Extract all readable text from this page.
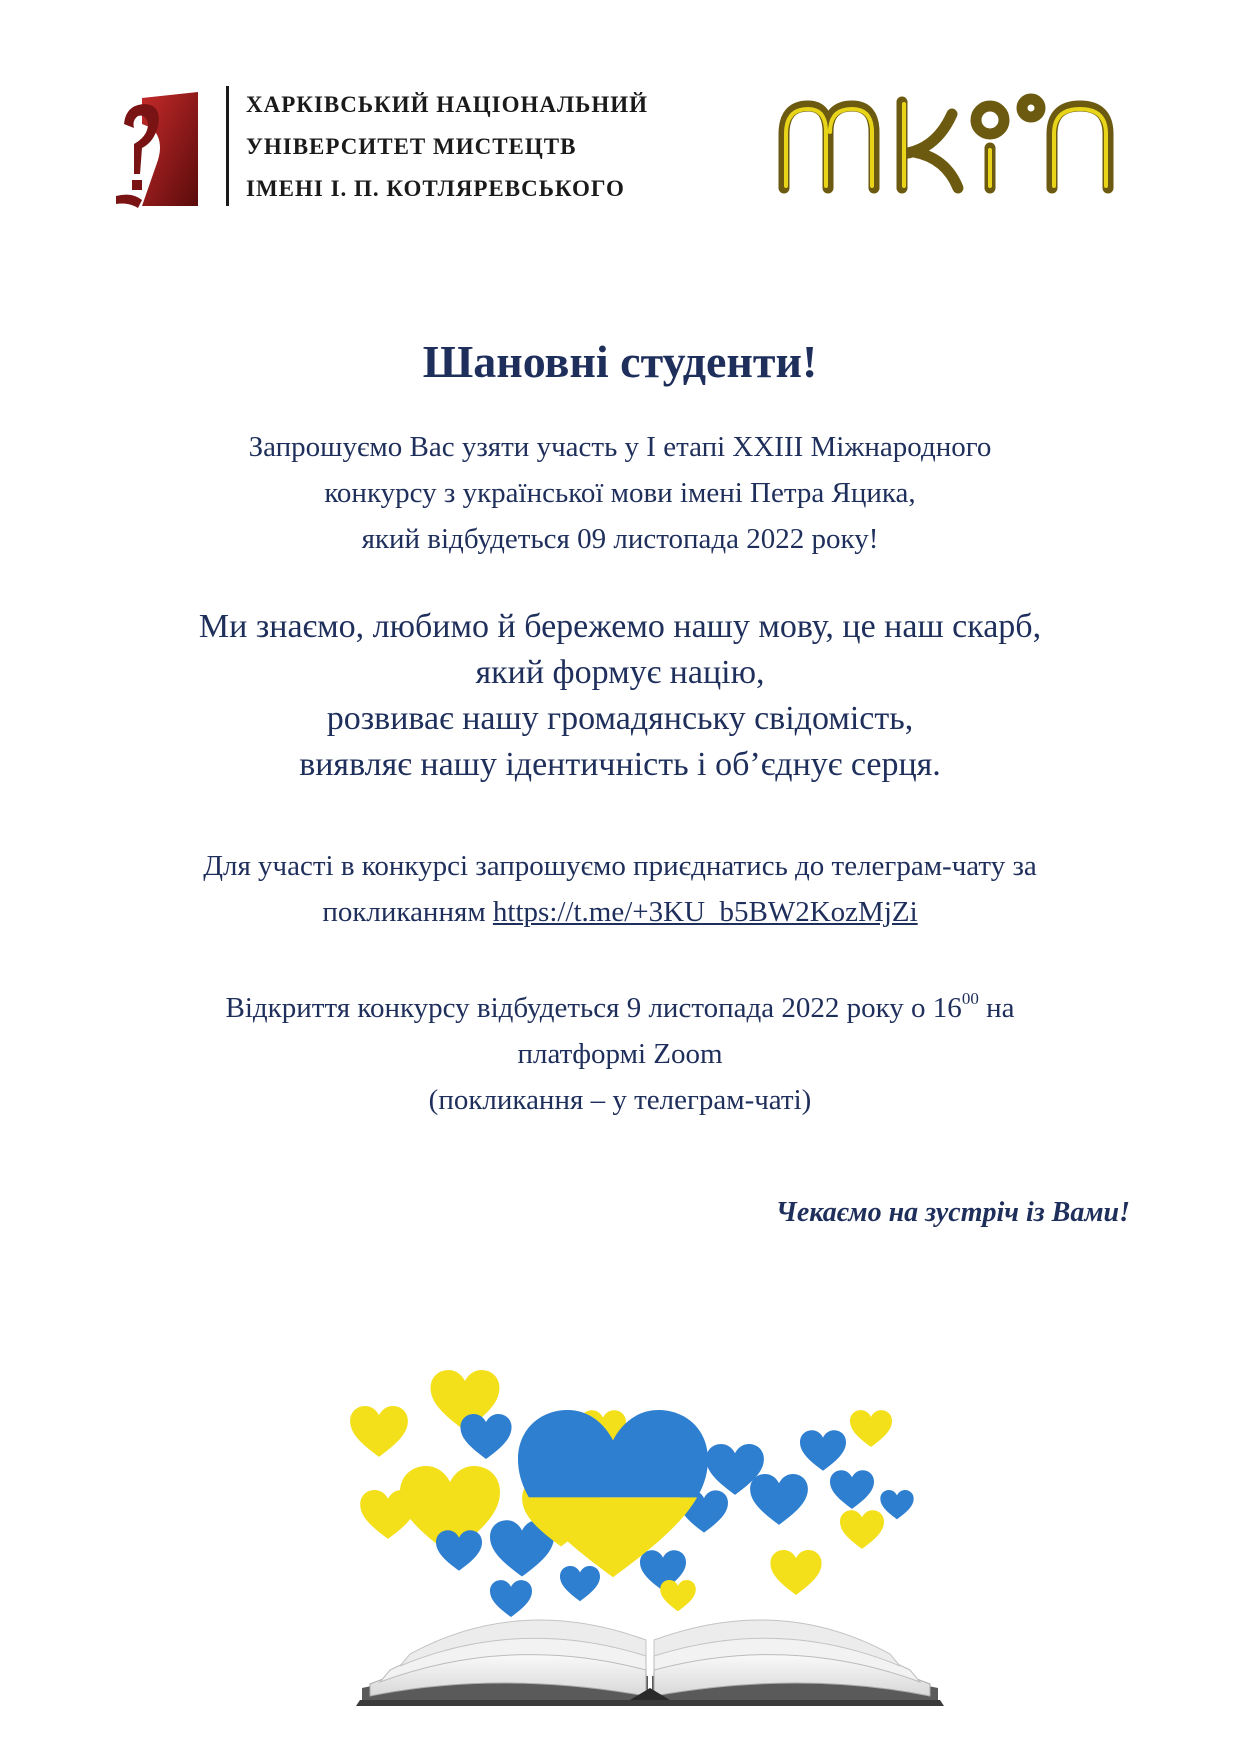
ХАРКІВСЬКИЙ НАЦІОНАЛЬНИЙ
УНІВЕРСИТЕТ МИСТЕЦТВ
ІМЕНІ І. П. КОТЛЯРЕВСЬКОГО
Шановні студенти!
Запрошуємо Вас узяти участь у І етапі XXIII Міжнародного
конкурсу з української мови імені Петра Яцика,
який відбудеться 09 листопада 2022 року!
Ми знаємо, любимо й бережемо нашу мову, це наш скарб,
який формує націю,
розвиває нашу громадянську свідомість,
виявляє нашу ідентичність і об’єднує серця.
Для участі в конкурсі запрошуємо приєднатись до телеграм-чату за
покликанням https://t.me/+3KU_b5BW2KozMjZi
Відкриття конкурсу відбудеться 9 листопада 2022 року о $16^{00}$ на
платформі Zoom
(покликання – у телеграм-чаті)
Чекаємо на зустріч із Вами!
